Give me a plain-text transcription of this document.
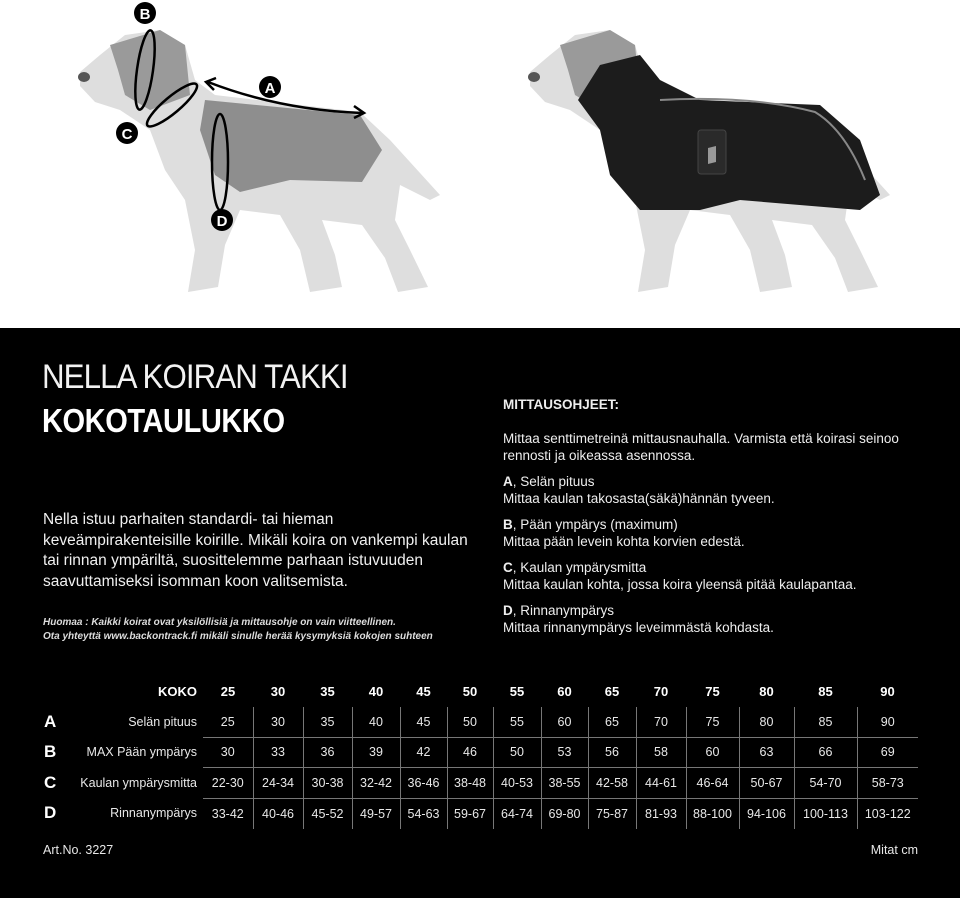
B
A
C
D
NELLA KOIRAN TAKKI
KOKOTAULUKKO
Nella istuu parhaiten standardi- tai hieman keveämpirakenteisille koirille. Mikäli koira on vankempi kaulan tai rinnan ympäriltä, suosittelemme parhaan istuvuuden saavuttamiseksi isomman koon valitsemista.
Huomaa : Kaikki koirat ovat yksilöllisiä ja mittausohje on vain viitteellinen.
Ota yhteyttä www.backontrack.fi mikäli sinulle herää kysymyksiä kokojen suhteen
MITTAUSOHJEET:

Mittaa senttimetreinä mittausnauhalla. Varmista että koirasi seinoo rennosti ja oikeassa asennossa.

A, Selän pituus
Mittaa kaulan takosasta(säkä)hännän tyveen.

B, Pään ympärys (maximum)
Mittaa pään levein kohta korvien edestä.

C, Kaulan ympärysmitta
Mittaa kaulan kohta, jossa koira yleensä pitää kaulapantaa.

D, Rinnanympärys
Mittaa rinnanympärys leveimmästä kohdasta.

	KOKO	25	30	35	40	45	50	55	60	65	70	75	80	85	90
A	Selän pituus	25	30	35	40	45	50	55	60	65	70	75	80	85	90
B	MAX Pään ympärys	30	33	36	39	42	46	50	53	56	58	60	63	66	69
C	Kaulan ympärysmitta	22-30	24-34	30-38	32-42	36-46	38-48	40-53	38-55	42-58	44-61	46-64	50-67	54-70	58-73
D	Rinnanympärys	33-42	40-46	45-52	49-57	54-63	59-67	64-74	69-80	75-87	81-93	88-100	94-106	100-113	103-122
Art.No. 3227	Mitat cm
